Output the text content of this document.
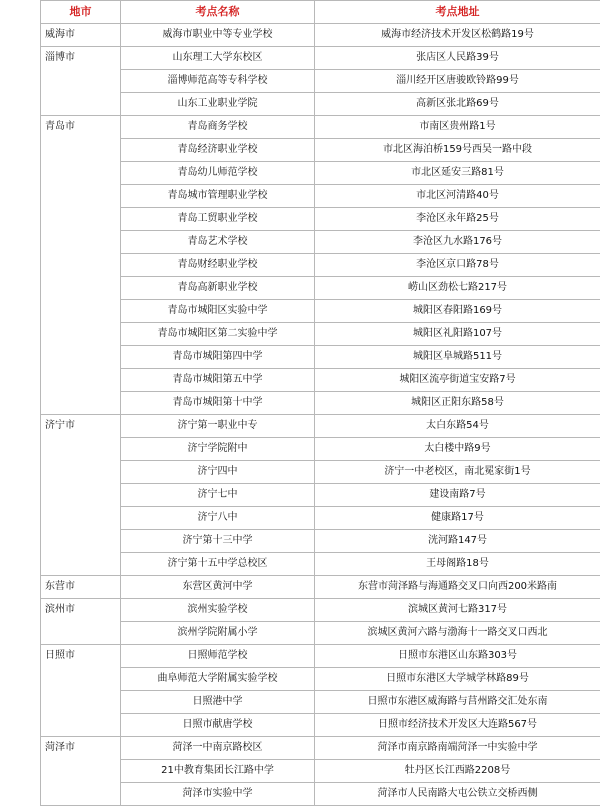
地市	考点名称	考点地址
威海市	威海市职业中等专业学校	威海市经济技术开发区松鹤路19号
淄博市	山东理工大学东校区	张店区人民路39号
	淄博师范高等专科学校	淄川经开区唐骏欧铃路99号
	山东工业职业学院	高新区张北路69号
青岛市	青岛商务学校	市南区贵州路1号
	青岛经济职业学校	市北区海泊桥159号西吴一路中段
	青岛幼儿师范学校	市北区延安三路81号
	青岛城市管理职业学校	市北区河清路40号
	青岛工贸职业学校	李沧区永年路25号
	青岛艺术学校	李沧区九水路176号
	青岛财经职业学校	李沧区京口路78号
	青岛高新职业学校	崂山区劲松七路217号
	青岛市城阳区实验中学	城阳区春阳路169号
	青岛市城阳区第二实验中学	城阳区礼阳路107号
	青岛市城阳第四中学	城阳区阜城路511号
	青岛市城阳第五中学	城阳区流亭街道宝安路7号
	青岛市城阳第十中学	城阳区正阳东路58号
济宁市	济宁第一职业中专	太白东路54号
	济宁学院附中	太白楼中路9号
	济宁四中	济宁一中老校区，南北冕家街1号
	济宁七中	建设南路7号
	济宁八中	健康路17号
	济宁第十三中学	洸河路147号
	济宁第十五中学总校区	王母阁路18号
东营市	东营区黄河中学	东营市菏泽路与海通路交叉口向西200米路南
滨州市	滨州实验学校	滨城区黄河七路317号
	滨州学院附属小学	滨城区黄河六路与渤海十一路交叉口西北
日照市	日照师范学校	日照市东港区山东路303号
	曲阜师范大学附属实验学校	日照市东港区大学城学林路89号
	日照港中学	日照市东港区威海路与莒州路交汇处东南
	日照市献唐学校	日照市经济技术开发区大连路567号
菏泽市	菏泽一中南京路校区	菏泽市南京路南端菏泽一中实验中学
	21中教育集团长江路中学	牡丹区长江西路2208号
	菏泽市实验中学	菏泽市人民南路大屯公铁立交桥西侧
